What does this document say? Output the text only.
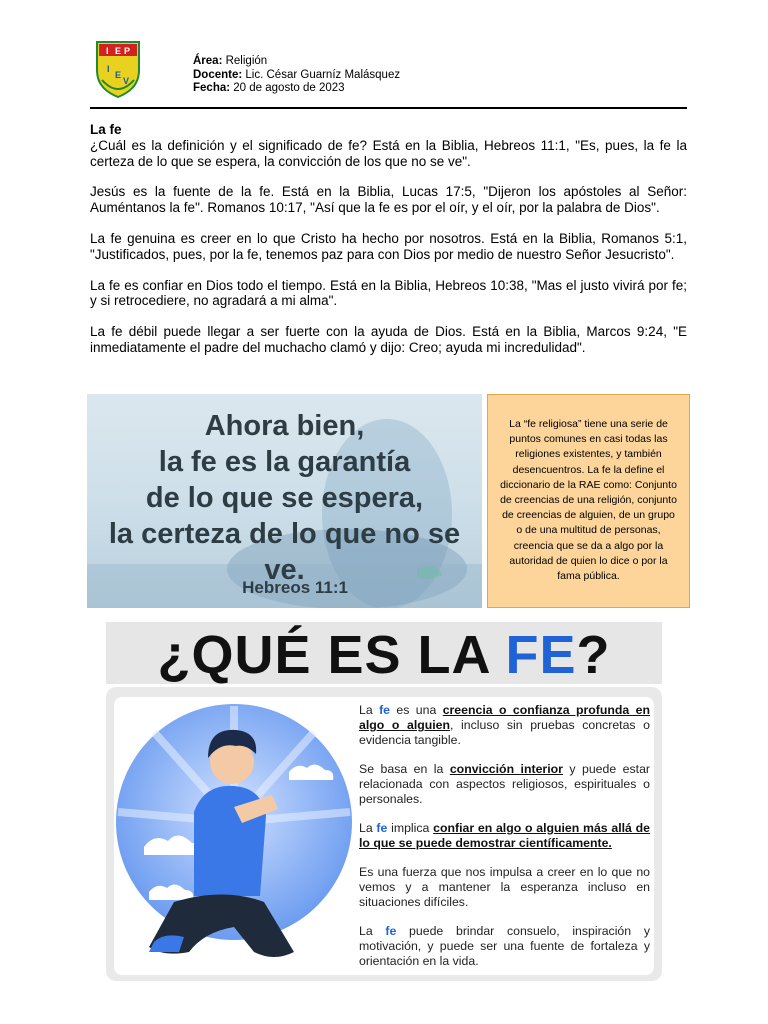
I E P
I
E
V
Área: Religión
Docente: Lic. César Guarníz Malásquez
Fecha: 20 de agosto de 2023
La fe

¿Cuál es la definición y el significado de fe? Está en la Biblia, Hebreos 11:1, "Es, pues, la fe la certeza de lo que se espera, la convicción de los que no se ve".

Jesús es la fuente de la fe. Está en la Biblia, Lucas 17:5, "Dijeron los apóstoles al Señor: Auméntanos la fe". Romanos 10:17, "Así que la fe es por el oír, y el oír, por la palabra de Dios".

La fe genuina es creer en lo que Cristo ha hecho por nosotros. Está en la Biblia, Romanos 5:1, "Justificados, pues, por la fe, tenemos paz para con Dios por medio de nuestro Señor Jesucristo".

La fe es confiar en Dios todo el tiempo. Está en la Biblia, Hebreos 10:38, "Mas el justo vivirá por fe; y si retrocediere, no agradará a mi alma".

La fe débil puede llegar a ser fuerte con la ayuda de Dios. Está en la Biblia, Marcos 9:24, "E inmediatamente el padre del muchacho clamó y dijo: Creo; ayuda mi incredulidad".

Ahora bien,
la fe es la garantía
de lo que se espera,
la certeza de lo que no se ve.
Hebreos 11:1
La “fe religiosa” tiene una serie de puntos comunes en casi todas las religiones existentes, y también desencuentros. La fe la define el diccionario de la RAE como: Conjunto de creencias de una religión, conjunto de creencias de alguien, de un grupo o de una multitud de personas, creencia que se da a algo por la autoridad de quien lo dice o por la fama pública.
¿QUÉ ES LA FE?

La fe es una creencia o confianza profunda en algo o alguien, incluso sin pruebas concretas o evidencia tangible.

Se basa en la convicción interior y puede estar relacionada con aspectos religiosos, espirituales o personales.

La fe implica confiar en algo o alguien más allá de lo que se puede demostrar científicamente.

Es una fuerza que nos impulsa a creer en lo que no vemos y a mantener la esperanza incluso en situaciones difíciles.

La fe puede brindar consuelo, inspiración y motivación, y puede ser una fuente de fortaleza y orientación en la vida.
